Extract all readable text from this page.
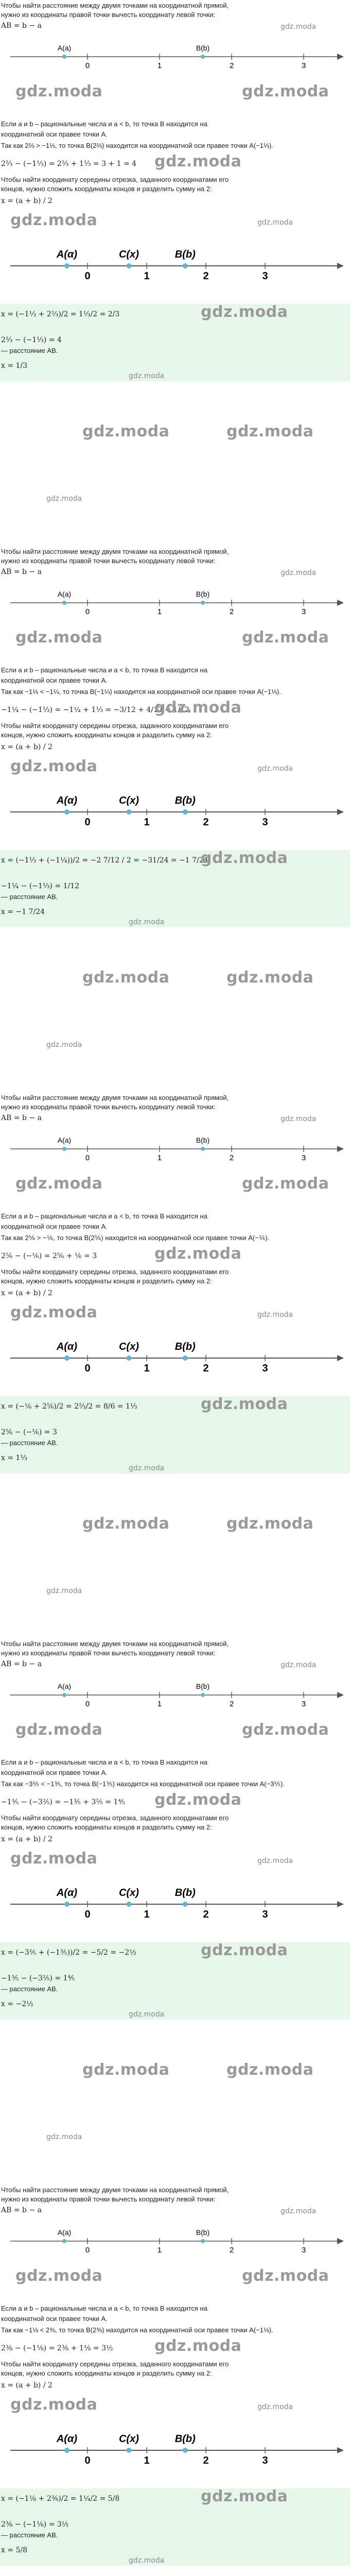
Чтобы найти расстояние между двумя точками на координатной прямой,
нужно из координаты правой точки вычесть координату левой точки:
AB = b − a	gdz.moda
0	1	2	3
A(a)	B(b)
gdz.moda	gdz.moda
Если a и b – рациональные числа и a < b, то точка B находится на
координатной оси правее точки A.
Так как 2⅔ > −1⅓, то точка B(2⅔) находится на координатной оси правее точки A(−1⅓).
2⅔ − (−1⅓) = 2⅔ + 1⅓ = 3 + 1 = 4	gdz.moda
Чтобы найти координату середины отрезка, заданного координатами его
концов, нужно сложить координаты концов и разделить сумму на 2:
x = (a + b) / 2
gdz.moda	gdz.moda
0	1	2	3
A(α)	C(x)	B(b)
x = (−1⅓ + 2⅔)/2 = 1⅓/2 = 2/3	gdz.moda
2⅔ − (−1⅓) = 4
— расстояние AB.
x = 1/3
gdz.moda
gdz.moda	gdz.moda
gdz.moda
Чтобы найти расстояние между двумя точками на координатной прямой,
нужно из координаты правой точки вычесть координату левой точки:
AB = b − a	gdz.moda
0	1	2	3
A(a)	B(b)
gdz.moda	gdz.moda
Если a и b – рациональные числа и a < b, то точка B находится на
координатной оси правее точки A.
Так как −1⅓ < −1¼, то точка B(−1¼) находится на координатной оси правее точки A(−1⅓).
−1¼ − (−1⅓) = −1¼ + 1⅓ = −3/12 + 4/12 = 1/12
gdz.moda
Чтобы найти координату середины отрезка, заданного координатами его
концов, нужно сложить координаты концов и разделить сумму на 2:
x = (a + b) / 2
gdz.moda	gdz.moda
0	1	2	3
A(α)	C(x)	B(b)
x = (−1⅓ + (−1¼))/2 = −2 7/12 / 2 = −31/24 = −1 7/24
gdz.moda
−1¼ − (−1⅓) = 1/12
— расстояние AB.
x = −1 7/24
gdz.moda
gdz.moda	gdz.moda
gdz.moda
Чтобы найти расстояние между двумя точками на координатной прямой,
нужно из координаты правой точки вычесть координату левой точки:
AB = b − a	gdz.moda
0	1	2	3
A(a)	B(b)
gdz.moda	gdz.moda
Если a и b – рациональные числа и a < b, то точка B находится на
координатной оси правее точки A.
Так как 2⅚ > −⅙, то точка B(2⅚) находится на координатной оси правее точки A(−⅙).
2⅚ − (−⅙) = 2⅚ + ⅙ = 3	gdz.moda
Чтобы найти координату середины отрезка, заданного координатами его
концов, нужно сложить координаты концов и разделить сумму на 2:
x = (a + b) / 2
gdz.moda	gdz.moda
0	1	2	3
A(α)	C(x)	B(b)
x = (−⅙ + 2⅚)/2 = 2⅔/2 = 8/6 = 1⅓	gdz.moda
2⅚ − (−⅙) = 3
— расстояние AB.
x = 1⅓
gdz.moda
gdz.moda	gdz.moda
gdz.moda
Чтобы найти расстояние между двумя точками на координатной прямой,
нужно из координаты правой точки вычесть координату левой точки:
AB = b − a	gdz.moda
0	1	2	3
A(a)	B(b)
gdz.moda	gdz.moda
Если a и b – рациональные числа и a < b, то точка B находится на
координатной оси правее точки A.
Так как −3⅖ < −1⅗, то точка B(−1⅗) находится на координатной оси правее точки A(−3⅖).
−1⅗ − (−3⅖) = −1⅗ + 3⅖ = 1⅘	gdz.moda
Чтобы найти координату середины отрезка, заданного координатами его
концов, нужно сложить координаты концов и разделить сумму на 2:
x = (a + b) / 2
gdz.moda	gdz.moda
0	1	2	3
A(α)	C(x)	B(b)
x = (−3⅖ + (−1⅗))/2 = −5/2 = −2½	gdz.moda
−1⅗ − (−3⅖) = 1⅘
— расстояние AB.
x = −2½
gdz.moda
gdz.moda	gdz.moda
gdz.moda
Чтобы найти расстояние между двумя точками на координатной прямой,
нужно из координаты правой точки вычесть координату левой точки:
AB = b − a	gdz.moda
0	1	2	3
A(a)	B(b)
gdz.moda	gdz.moda
Если a и b – рациональные числа и a < b, то точка B находится на
координатной оси правее точки A.
Так как −1⅛ < 2⅜, то точка B(2⅜) находится на координатной оси правее точки A(−1⅛).
2⅜ − (−1⅛) = 2⅜ + 1⅛ = 3½	gdz.moda
Чтобы найти координату середины отрезка, заданного координатами его
концов, нужно сложить координаты концов и разделить сумму на 2:
x = (a + b) / 2
gdz.moda	gdz.moda
0	1	2	3
A(α)	C(x)	B(b)
x = (−1⅛ + 2⅜)/2 = 1¼/2 = 5/8	gdz.moda
2⅜ − (−1⅛) = 3½
— расстояние AB.
x = 5/8
gdz.moda
